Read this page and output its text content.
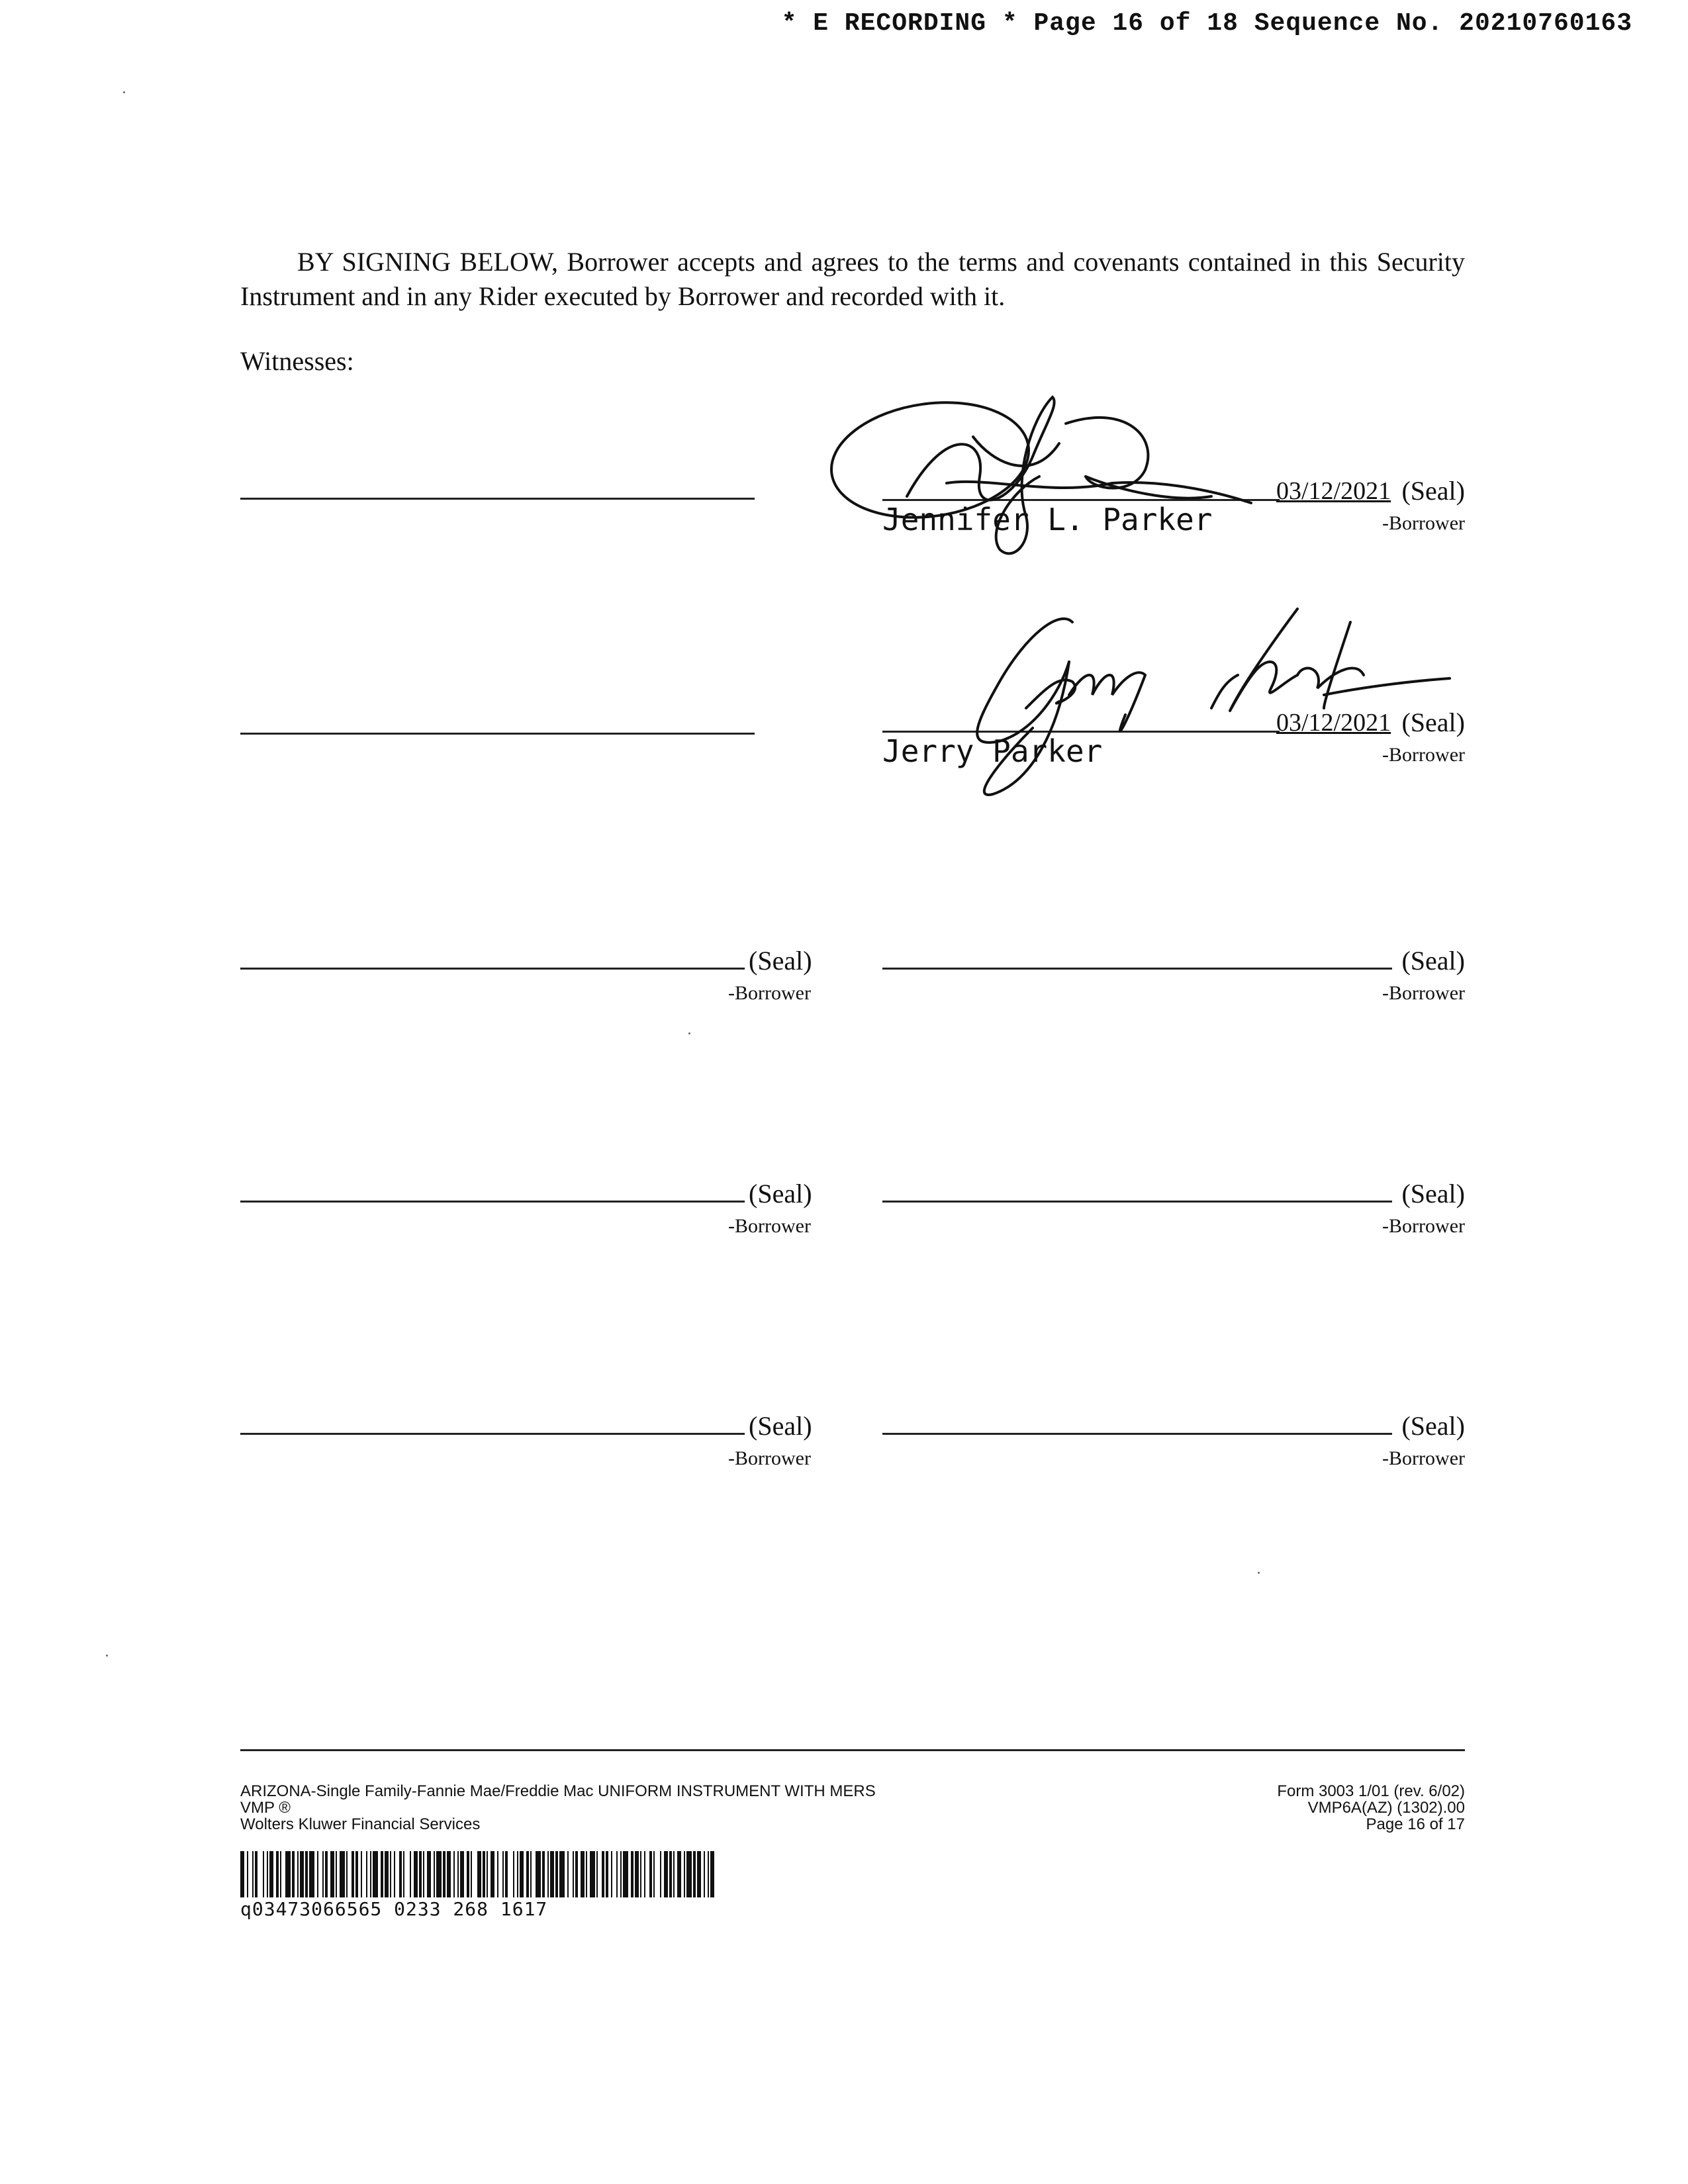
* E RECORDING * Page 16 of 18 Sequence No. 20210760163

BY SIGNING BELOW, Borrower accepts and agrees to the terms and covenants contained in this Security Instrument and in any Rider executed by Borrower and recorded with it.

Witnesses:
03/12/2021 (Seal)
Jennifer L. Parker	-Borrower
03/12/2021 (Seal)
Jerry Parker	-Borrower
(Seal)
-Borrower
(Seal)
-Borrower
(Seal)
-Borrower
(Seal)
-Borrower
(Seal)
-Borrower
(Seal)
-Borrower
ARIZONA-Single Family-Fannie Mae/Freddie Mac UNIFORM INSTRUMENT WITH MERS
VMP ®
Wolters Kluwer Financial Services
Form 3003 1/01 (rev. 6/02)
VMP6A(AZ) (1302).00
Page 16 of 17
q03473066565 0233 268 1617
